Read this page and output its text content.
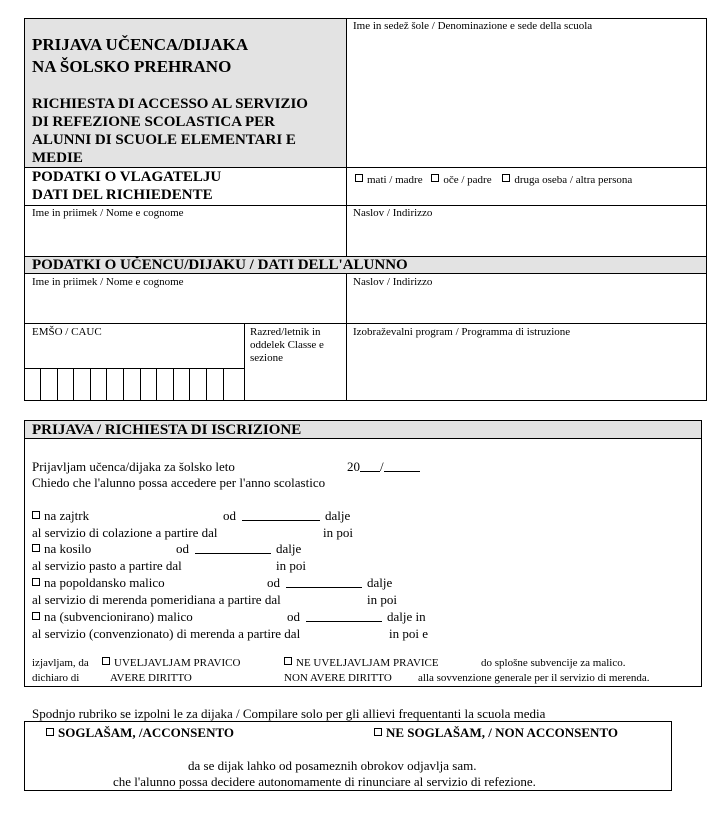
PRIJAVA UČENCA/DIJAKA
NA ŠOLSKO PREHRANO
RICHIESTA DI ACCESSO AL SERVIZIO
DI REFEZIONE SCOLASTICA PER
ALUNNI DI SCUOLE ELEMENTARI E
MEDIE
Ime in sedež šole / Denominazione e sede della scuola
PODATKI O VLAGATELJU
DATI DEL RICHIEDENTE
mati / madre oče / padre druga oseba / altra persona
Ime in priimek / Nome e cognome	Naslov / Indirizzo
PODATKI O UČENCU/DIJAKU / DATI DELL'ALUNNO
Ime in priimek / Nome e cognome	Naslov / Indirizzo
EMŠO / CAUC	Razred/letnik in
oddelek Classe e
sezione
Izobraževalni program / Programma di istruzione
PRIJAVA / RICHIESTA DI ISCRIZIONE
Prijavljam učenca/dijaka za šolsko leto	20 /
Chiedo che l'alunno possa accedere per l'anno scolastico
na zajtrk	od	dalje
al servizio di colazione a partire dal	in poi
na kosilo	od	dalje
al servizio pasto a partire dal	in poi
na popoldansko malico	od	dalje
al servizio di merenda pomeridiana a partire dal	in poi
na (subvencionirano) malico	od	dalje in
al servizio (convenzionato) di merenda a partire dal	in poi e
izjavljam, da	UVELJAVLJAM PRAVICO	NE UVELJAVLJAM PRAVICE	do splošne subvencije za malico.
dichiaro di	AVERE DIRITTO	NON AVERE DIRITTO alla sovvenzione generale per il servizio di merenda.
Spodnjo rubriko se izpolni le za dijaka / Compilare solo per gli allievi frequentanti la scuola media
SOGLAŠAM, /ACCONSENTO	NE SOGLAŠAM, / NON ACCONSENTO
da se dijak lahko od posameznih obrokov odjavlja sam.
che l'alunno possa decidere autonomamente di rinunciare al servizio di refezione.
